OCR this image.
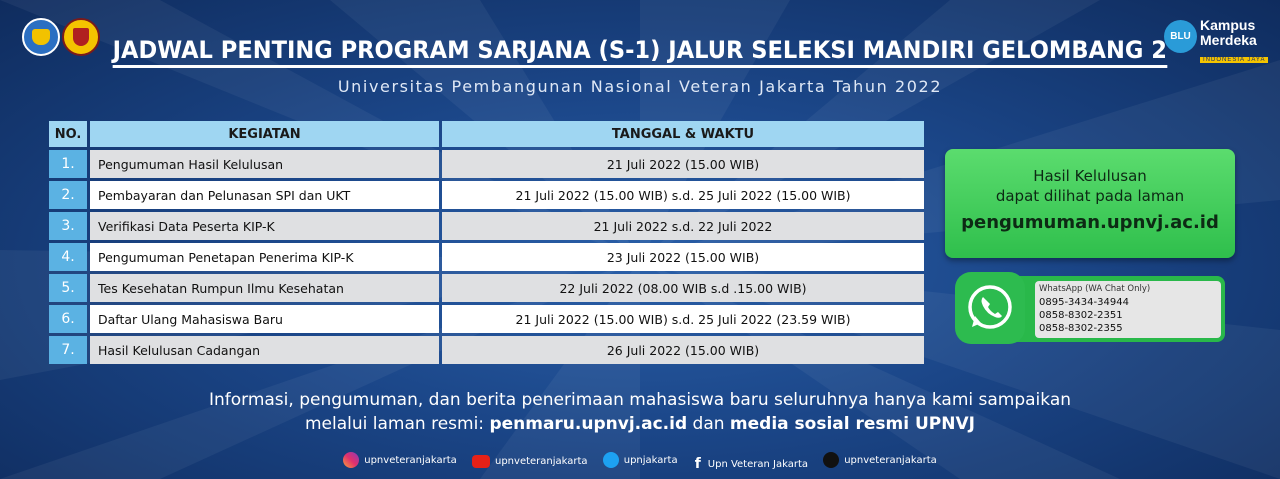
BLU
Kampus
Merdeka
INDONESIA JAYA
JADWAL PENTING PROGRAM SARJANA (S-1) JALUR SELEKSI MANDIRI GELOMBANG 2
Universitas Pembangunan Nasional Veteran Jakarta Tahun 2022
NO.	KEGIATAN	TANGGAL & WAKTU
1.	Pengumuman Hasil Kelulusan	21 Juli 2022 (15.00 WIB)
2.	Pembayaran dan Pelunasan SPI dan UKT	21 Juli 2022 (15.00 WIB) s.d. 25 Juli 2022 (15.00 WIB)
3.	Verifikasi Data Peserta KIP-K	21 Juli 2022 s.d. 22 Juli 2022
4.	Pengumuman Penetapan Penerima KIP-K	23 Juli 2022 (15.00 WIB)
5.	Tes Kesehatan Rumpun Ilmu Kesehatan	22 Juli 2022 (08.00 WIB s.d .15.00 WIB)
6.	Daftar Ulang Mahasiswa Baru	21 Juli 2022 (15.00 WIB) s.d. 25 Juli 2022 (23.59 WIB)
7.	Hasil Kelulusan Cadangan	26 Juli 2022 (15.00 WIB)
Hasil Kelulusan
dapat dilihat pada laman
pengumuman.upnvj.ac.id
WhatsApp (WA Chat Only)
0895-3434-34944
0858-8302-2351
0858-8302-2355
Informasi, pengumuman, dan berita penerimaan mahasiswa baru seluruhnya hanya kami sampaikan
melalui laman resmi: penmaru.upnvj.ac.id dan media sosial resmi UPNVJ
upnveteranjakarta
	upnveteranjakarta
	upnjakarta
f Upn Veteran Jakarta
	upnveteranjakarta
